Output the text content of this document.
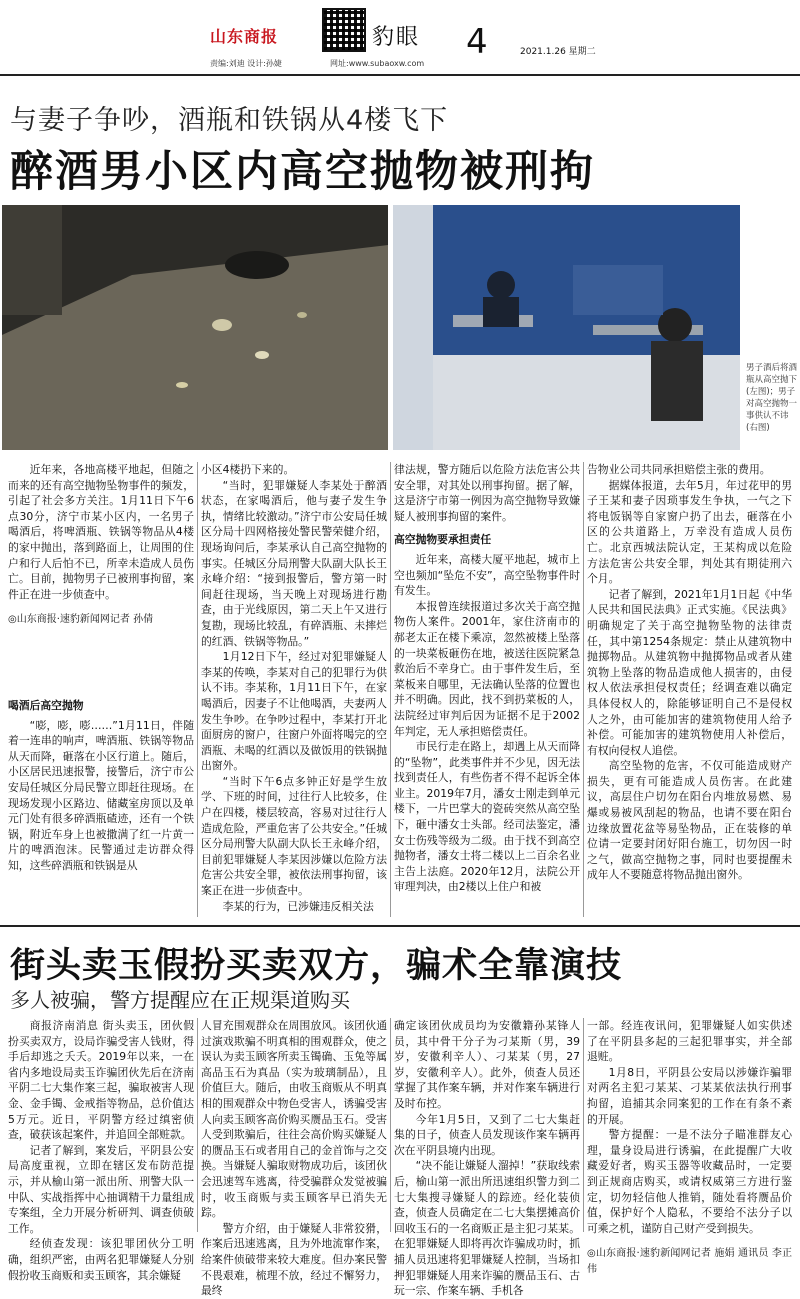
山东商报	豹眼 4	2021.1.26 星期二
责编:刘迪 设计:孙婕	网址:www.subaoxw.com
与妻子争吵，酒瓶和铁锅从4楼飞下
醉酒男小区内高空抛物被刑拘
男子酒后将酒瓶从高空抛下(左图)；男子对高空抛物一事供认不讳(右图)

近年来，各地高楼平地起，但随之而来的还有高空抛物坠物事件的频发，引起了社会多方关注。1月11日下午6点30分，济宁市某小区内，一名男子喝酒后，将啤酒瓶、铁锅等物品从4楼的家中抛出，落到路面上，让周围的住户和行人后怕不已，所幸未造成人员伤亡。目前，抛物男子已被刑事拘留，案件正在进一步侦查中。

◎山东商报·速豹新闻网记者 孙倩

喝酒后高空抛物

“嘭，嘭，嘭……”1月11日，伴随着一连串的响声，啤酒瓶、铁锅等物品从天而降，砸落在小区行道上。随后，小区居民迅速报警，接警后，济宁市公安局任城区分局民警立即赶往现场。在现场发现小区路边、储藏室房顶以及单元门处有很多碎酒瓶碴迹，还有一个铁锅，附近车身上也被撒满了红一片黄一片的啤酒泡沫。民警通过走访群众得知，这些碎酒瓶和铁锅是从

小区4楼扔下来的。

“当时，犯罪嫌疑人李某处于醉酒状态，在家喝酒后，他与妻子发生争执，情绪比较激动。”济宁市公安局任城区分局十四网格接处警民警荣健介绍，现场询问后，李某承认自己高空抛物的事实。任城区分局刑警大队副大队长王永峰介绍：“接到报警后，警方第一时间赶往现场，当天晚上对现场进行勘查，由于光线原因，第二天上午又进行复勘，现场比较乱，有碎酒瓶、未摔烂的红酒、铁锅等物品。”

1月12日下午，经过对犯罪嫌疑人李某的传唤，李某对自己的犯罪行为供认不讳。李某称，1月11日下午，在家喝酒后，因妻子不让他喝酒，夫妻两人发生争吵。在争吵过程中，李某打开北面厨房的窗户，往窗户外面将喝完的空酒瓶、未喝的红酒以及做饭用的铁锅抛出窗外。

“当时下午6点多钟正好是学生放学、下班的时间，过往行人比较多，住户在四楼，楼层较高，容易对过往行人造成危险，严重危害了公共安全。”任城区分局刑警大队副大队长王永峰介绍，目前犯罪嫌疑人李某因涉嫌以危险方法危害公共安全罪，被依法刑事拘留，该案正在进一步侦查中。

李某的行为，已涉嫌违反相关法

律法规，警方随后以危险方法危害公共安全罪，对其处以刑事拘留。据了解，这是济宁市第一例因为高空抛物导致嫌疑人被刑事拘留的案件。

高空抛物要承担责任

近年来，高楼大厦平地起，城市上空也频加“坠危不安”，高空坠物事件时有发生。

本报曾连续报道过多次关于高空抛物伤人案件。2001年，家住济南市的郝老太正在楼下乘凉，忽然被楼上坠落的一块菜板砸伤在地，被送往医院紧急救治后不幸身亡。由于事件发生后，至菜板来自哪里，无法确认坠落的位置也并不明确。因此，找不到扔菜板的人，法院经过审判后因为证据不足于2002年判定，无人承担赔偿责任。

市民行走在路上，却遇上从天而降的“坠物”，此类事件并不少见，因无法找到责任人，有些伤者不得不起诉全体业主。2019年7月，潘女士刚走到单元楼下，一片巴掌大的瓷砖突然从高空坠下，砸中潘女士头部。经司法鉴定，潘女士伤残等级为二级。由于找不到高空抛物者，潘女士将二楼以上二百余名业主告上法庭。2020年12月，法院公开审理判决，由2楼以上住户和被

告物业公司共同承担赔偿主张的费用。

据媒体报道，去年5月，年过花甲的男子王某和妻子因琐事发生争执，一气之下将电饭锅等自家窗户扔了出去，砸落在小区的公共道路上，万幸没有造成人员伤亡。北京西城法院认定，王某构成以危险方法危害公共安全罪，判处其有期徒刑六个月。

记者了解到，2021年1月1日起《中华人民共和国民法典》正式实施。《民法典》明确规定了关于高空抛物坠物的法律责任，其中第1254条规定：禁止从建筑物中抛掷物品。从建筑物中抛掷物品或者从建筑物上坠落的物品造成他人损害的，由侵权人依法承担侵权责任；经调查难以确定具体侵权人的，除能够证明自己不是侵权人之外，由可能加害的建筑物使用人给予补偿。可能加害的建筑物使用人补偿后，有权向侵权人追偿。

高空坠物的危害，不仅可能造成财产损失，更有可能造成人员伤害。在此建议，高层住户切勿在阳台内堆放易燃、易爆或易被风刮起的物品，也请不要在阳台边缘放置花盆等易坠物品，正在装修的单位请一定要封闭好阳台施工，切勿因一时之气，做高空抛物之事，同时也要提醒未成年人不要随意将物品抛出窗外。

街头卖玉假扮买卖双方，骗术全靠演技
多人被骗，警方提醒应在正规渠道购买

商报济南消息 街头卖玉，团伙假扮买卖双方，设局诈骗受害人钱财，得手后却逃之夭夭。2019年以来，一在省内多地设局卖玉诈骗团伙先后在济南平阴二七大集作案三起，骗取被害人现金、金手镯、金戒指等物品，总价值达5万元。近日，平阴警方经过缜密侦查，破获该起案件，并追回全部赃款。

记者了解到，案发后，平阴县公安局高度重视，立即在辖区发布防范提示，并从榆山第一派出所、刑警大队一中队、实战指挥中心抽调精干力量组成专案组，全力开展分析研判、调查侦破工作。

经侦查发现：该犯罪团伙分工明确，组织严密，由两名犯罪嫌疑人分别假扮收玉商贩和卖玉顾客，其余嫌疑

人冒充围观群众在周围放风。该团伙通过演戏欺骗不明真相的围观群众，使之误认为卖玉顾客所卖玉镯确、玉兔等属高品玉石为真品（实为玻璃制品），且价值巨大。随后，由收玉商贩从不明真相的围观群众中物色受害人，诱骗受害人向卖玉顾客高价购买赝品玉石。受害人受到欺骗后，往往会高价购买嫌疑人的赝品玉石或者用自己的金首饰与之交换。当嫌疑人骗取财物成功后，该团伙会迅速驾车逃离，待受骗群众发觉被骗时，收玉商贩与卖玉顾客早已消失无踪。

警方介绍，由于嫌疑人非常狡猾，作案后迅速逃离，且为外地流窜作案，给案件侦破带来较大难度。但办案民警不畏艰难，梳理不放，经过不懈努力，最终

确定该团伙成员均为安徽籍孙某锋人员，其中骨干分子为刁某斯（男，39岁，安徽利辛人）、刁某某（男，27岁，安徽利辛人）。此外，侦查人员还掌握了其作案车辆，并对作案车辆进行及时布控。

今年1月5日，又到了二七大集赶集的日子，侦查人员发现该作案车辆再次在平阴县境内出现。

“决不能让嫌疑人溜掉！”获取线索后，榆山第一派出所迅速组织警力到二七大集搜寻嫌疑人的踪迹。经化装侦查，侦查人员确定在二七大集摆摊高价回收玉石的一名商贩正是主犯刁某某。在犯罪嫌疑人即将再次诈骗成功时，抓捕人员迅速将犯罪嫌疑人控制，当场扣押犯罪嫌疑人用来诈骗的赝品玉石、古玩一宗、作案车辆、手机各

一部。经连夜讯问，犯罪嫌疑人如实供述了在平阴县多起的三起犯罪事实，并全部退赃。

1月8日，平阴县公安局以涉嫌诈骗罪对两名主犯刁某某、刁某某依法执行刑事拘留，追捕其余同案犯的工作在有条不紊的开展。

警方提醒：一是不法分子瞄准群友心理，量身设局进行诱骗，在此提醒广大收藏爱好者，购买玉器等收藏品时，一定要到正规商店购买，或请权威第三方进行鉴定，切勿轻信他人推销，随处看将赝品价值，保护好个人隐私，不要给不法分子以可乘之机，谨防自己财产受到损失。

◎山东商报·速豹新闻网记者 施娟 通讯员 李正伟
